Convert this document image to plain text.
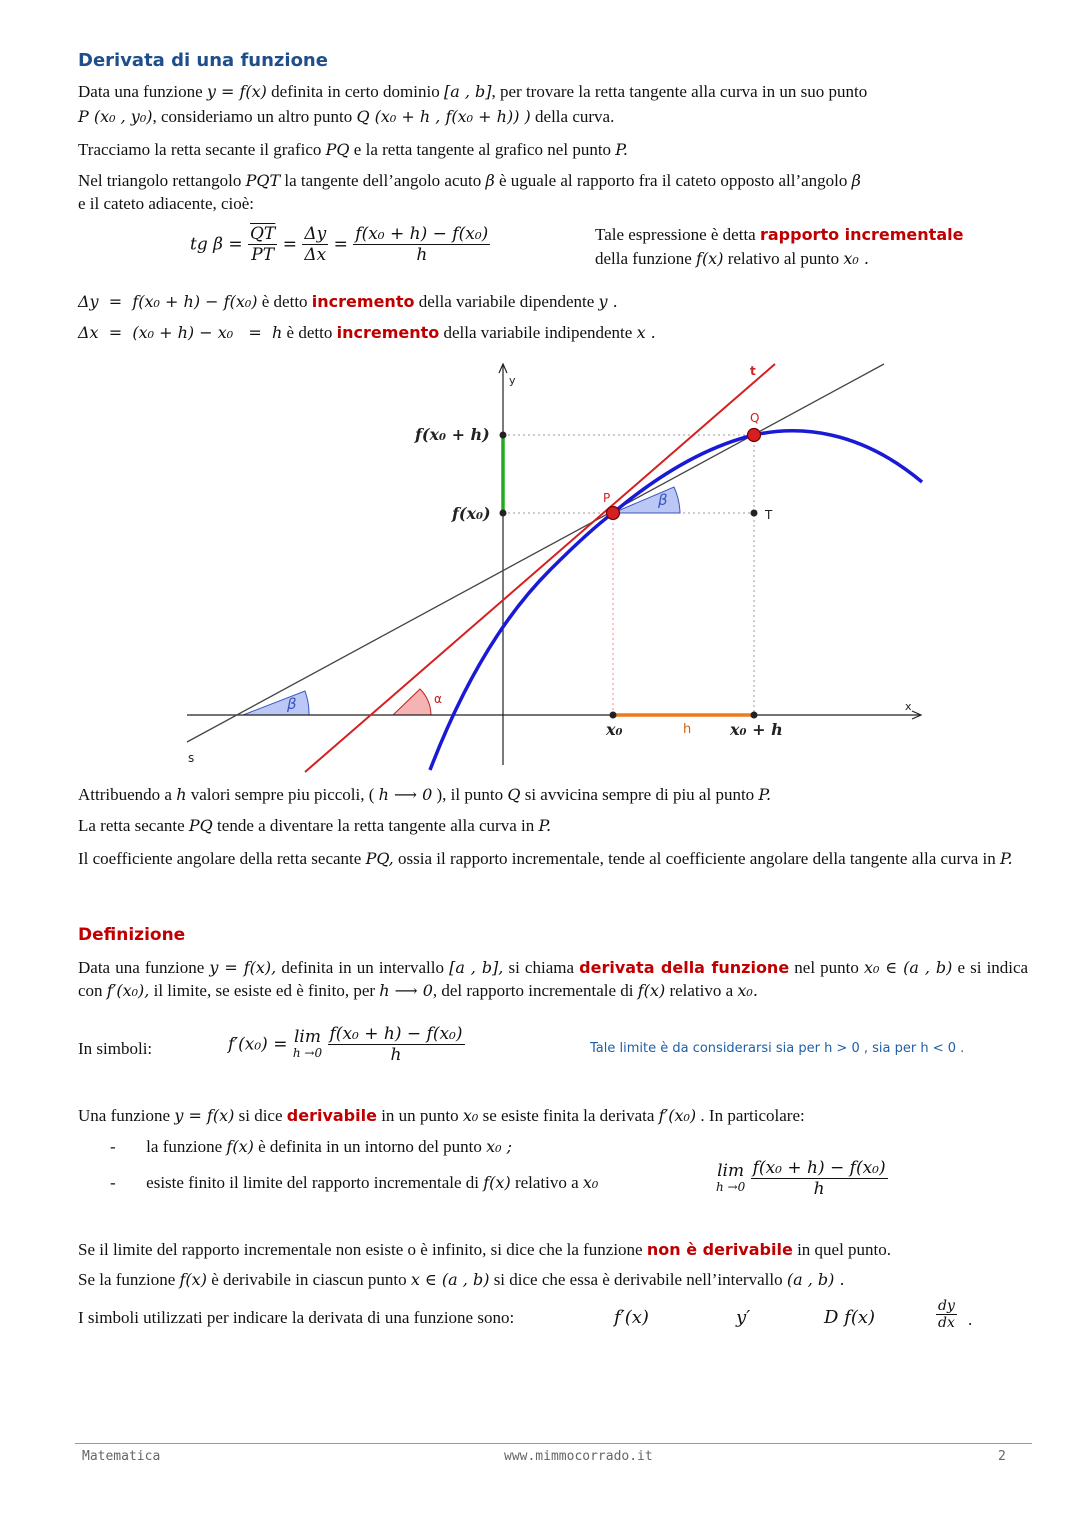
Derivata di una funzione
Data una funzione y = f(x) definita in certo dominio [a , b], per trovare la retta tangente alla curva in un suo punto
P (x₀ , y₀), consideriamo un altro punto Q (x₀ + h , f(x₀ + h)) ) della curva.
Tracciamo la retta secante il grafico PQ e la retta tangente al grafico nel punto P.
Nel triangolo rettangolo PQT la tangente dell’angolo acuto β è uguale al rapporto fra il cateto opposto all’angolo β
e il cateto adiacente, cioè:
tg $\beta = \frac{\overline{QT}}{PT} = \frac{\Delta y}{\Delta x} = \frac{\text{f(x₀ + h) − f(x₀)}}{h}$	Tale espressione è detta rapporto incrementale
della funzione f(x) relativo al punto x₀ .
Δy  =  f(x₀ + h) − f(x₀) è detto incremento della variabile dipendente y .
Δx  =  (x₀ + h) − x₀   =  h è detto incremento della variabile indipendente x .
y
x
t
s
Q
P
T
β
β	α
f(x₀ + h)
f(x₀)
x₀	h x₀ + h
Attribuendo a h valori sempre piu piccoli, ( h ⟶ 0 ), il punto Q si avvicina sempre di piu al punto P.
La retta secante PQ tende a diventare la retta tangente alla curva in P.
Il coefficiente angolare della retta secante PQ, ossia il rapporto incrementale, tende al coefficiente angolare della tangente alla curva in P.
Definizione
Data una funzione y = f(x), definita in un intervallo [a , b], si chiama derivata della funzione nel punto x₀ ∈ (a , b) e si indica con f′(x₀), il limite, se esiste ed è finito, per h ⟶ 0, del rapporto incrementale di f(x) relativo a x₀.
In simboli:	f′(x₀) = lim
h →0
$\frac{\text{f(x₀ + h) − f(x₀)}}{h}$	Tale limite è da considerarsi sia per h > 0 , sia per h < 0 .
Una funzione y = f(x) si dice derivabile in un punto x₀ se esiste finita la derivata f′(x₀) . In particolare:
- la funzione f(x) è definita in un intorno del punto x₀ ;
- esiste finito il limite del rapporto incrementale di f(x) relativo a x₀
lim
h →0
$\frac{\text{f(x₀ + h) − f(x₀)}}{h}$
Se il limite del rapporto incrementale non esiste o è infinito, si dice che la funzione non è derivabile in quel punto.
Se la funzione f(x) è derivabile in ciascun punto x ∈ (a , b) si dice che essa è derivabile nell’intervallo (a , b) .
I simboli utilizzati per indicare la derivata di una funzione sono:	f′(x)	y′	D f(x)	$\frac{dy}{dx}$ .
Matematica	www.mimmocorrado.it	2
